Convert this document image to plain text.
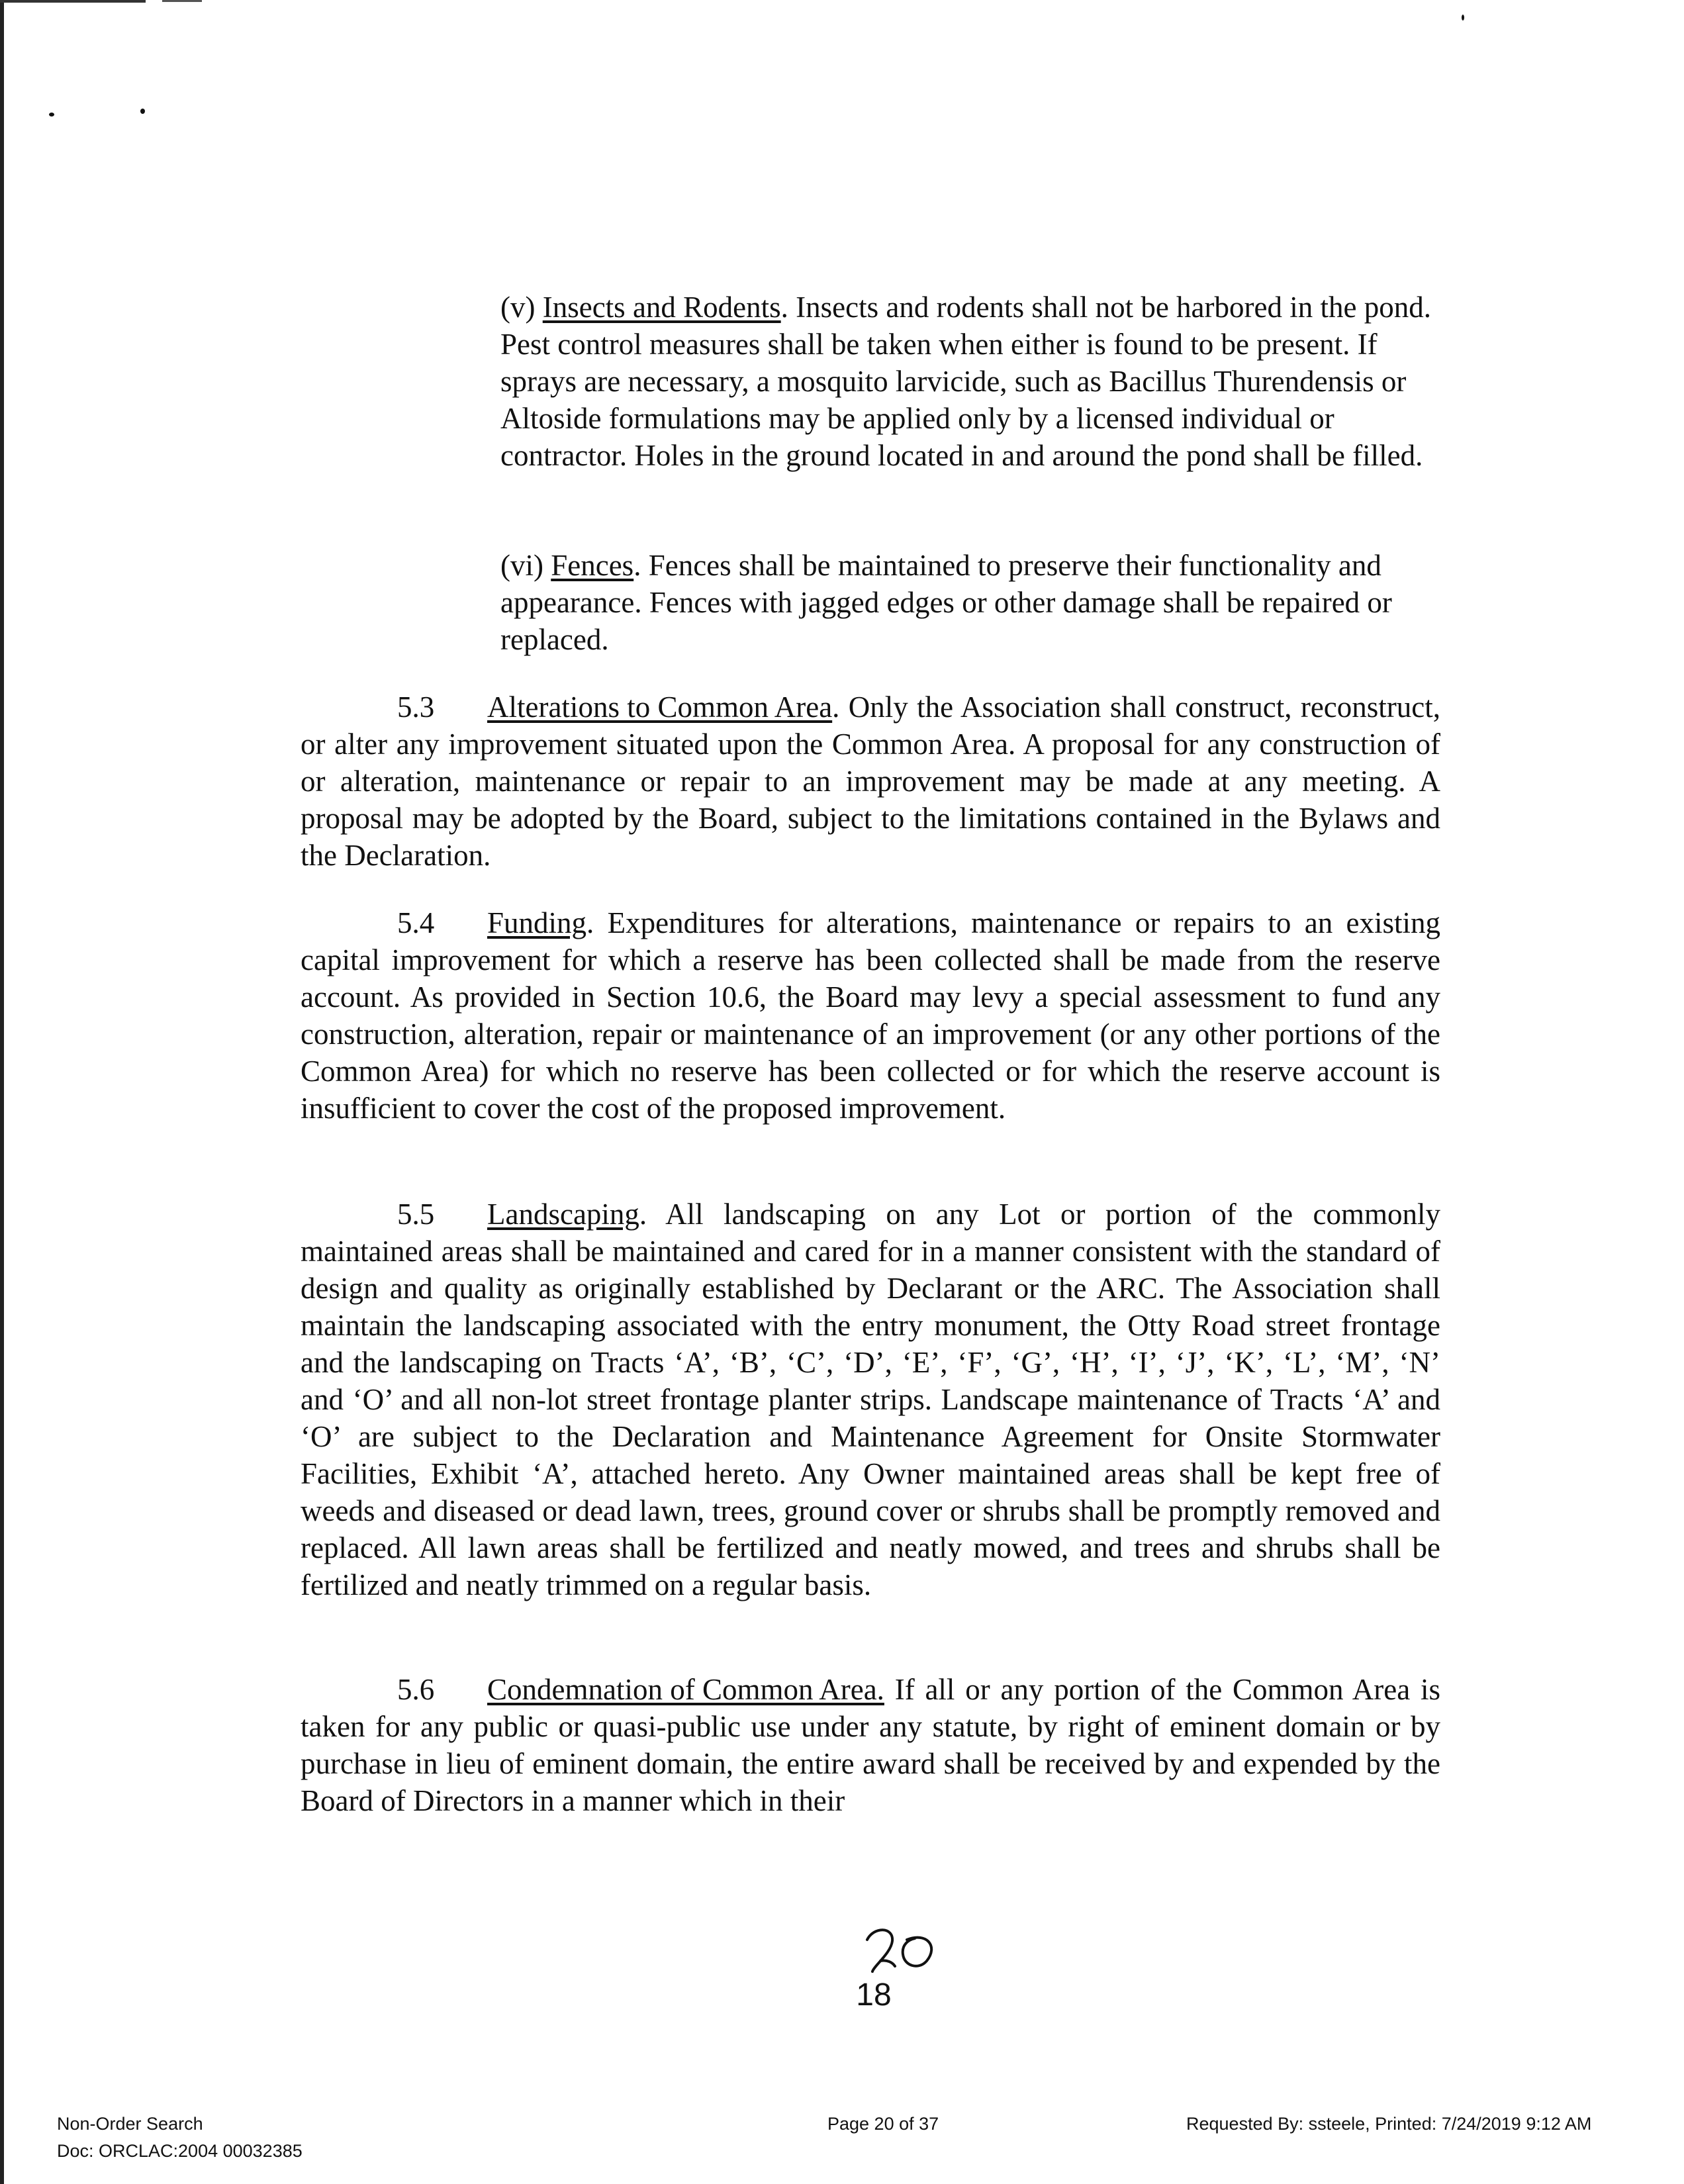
(v) Insects and Rodents. Insects and rodents shall not be harbored in the pond. Pest control measures shall be taken when either is found to be present. If sprays are necessary, a mosquito larvicide, such as Bacillus Thurendensis or Altoside formulations may be applied only by a licensed individual or contractor. Holes in the ground located in and around the pond shall be filled.
(vi) Fences. Fences shall be maintained to preserve their functionality and appearance. Fences with jagged edges or other damage shall be repaired or replaced.
5.3 Alterations to Common Area. Only the Association shall construct, reconstruct, or alter any improvement situated upon the Common Area. A proposal for any construction of or alteration, maintenance or repair to an improvement may be made at any meeting. A proposal may be adopted by the Board, subject to the limitations contained in the Bylaws and the Declaration.
5.4 Funding. Expenditures for alterations, maintenance or repairs to an existing capital improvement for which a reserve has been collected shall be made from the reserve account. As provided in Section 10.6, the Board may levy a special assessment to fund any construction, alteration, repair or maintenance of an improvement (or any other portions of the Common Area) for which no reserve has been collected or for which the reserve account is insufficient to cover the cost of the proposed improvement.
5.5 Landscaping. All landscaping on any Lot or portion of the commonly maintained areas shall be maintained and cared for in a manner consistent with the standard of design and quality as originally established by Declarant or the ARC. The Association shall maintain the landscaping associated with the entry monument, the Otty Road street frontage and the landscaping on Tracts ‘A’, ‘B’, ‘C’, ‘D’, ‘E’, ‘F’, ‘G’, ‘H’, ‘I’, ‘J’, ‘K’, ‘L’, ‘M’, ‘N’ and ‘O’ and all non-lot street frontage planter strips. Landscape maintenance of Tracts ‘A’ and ‘O’ are subject to the Declaration and Maintenance Agreement for Onsite Stormwater Facilities, Exhibit ‘A’, attached hereto. Any Owner maintained areas shall be kept free of weeds and diseased or dead lawn, trees, ground cover or shrubs shall be promptly removed and replaced. All lawn areas shall be fertilized and neatly mowed, and trees and shrubs shall be fertilized and neatly trimmed on a regular basis.
5.6 Condemnation of Common Area. If all or any portion of the Common Area is taken for any public or quasi-public use under any statute, by right of eminent domain or by purchase in lieu of eminent domain, the entire award shall be received by and expended by the Board of Directors in a manner which in their
18
Non-Order Search
Doc: ORCLAC:2004 00032385
Page 20 of 37	Requested By: ssteele, Printed: 7/24/2019 9:12 AM
